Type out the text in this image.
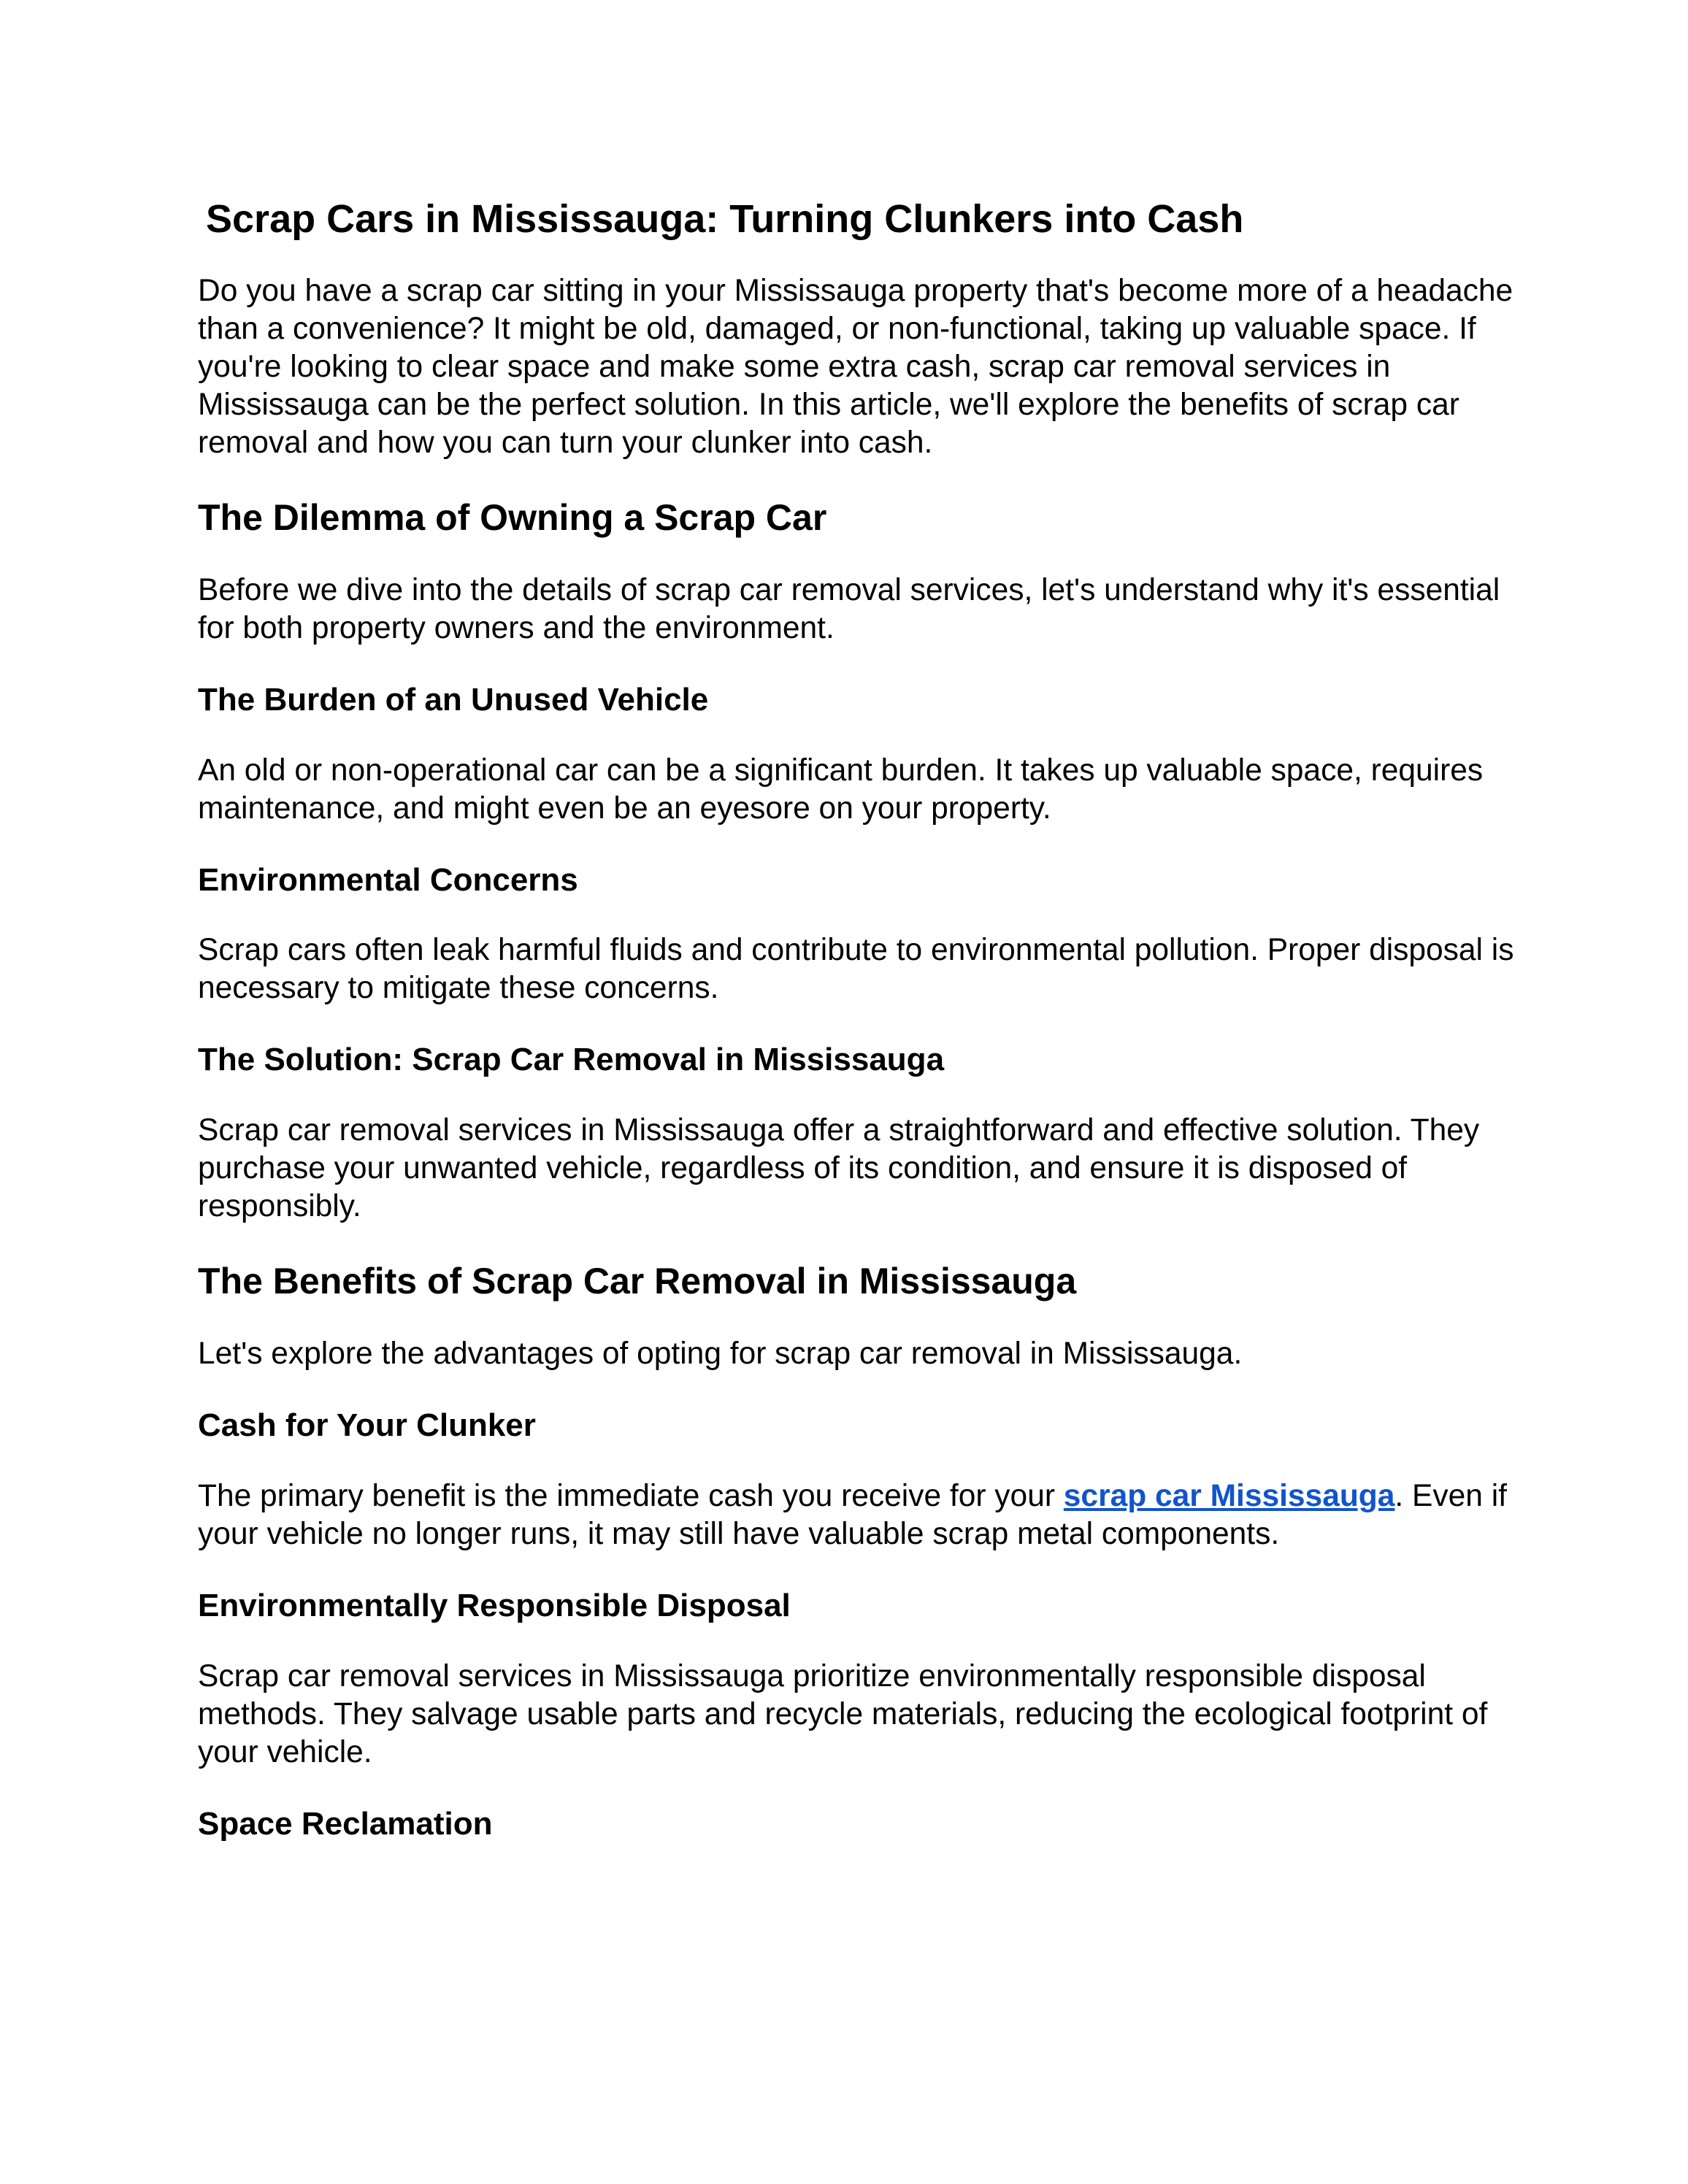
Scrap Cars in Mississauga: Turning Clunkers into Cash

Do you have a scrap car sitting in your Mississauga property that's become more of a headache than a convenience? It might be old, damaged, or non-functional, taking up valuable space. If you're looking to clear space and make some extra cash, scrap car removal services in Mississauga can be the perfect solution. In this article, we'll explore the benefits of scrap car removal and how you can turn your clunker into cash.

The Dilemma of Owning a Scrap Car

Before we dive into the details of scrap car removal services, let's understand why it's essential for both property owners and the environment.

The Burden of an Unused Vehicle

An old or non-operational car can be a significant burden. It takes up valuable space, requires maintenance, and might even be an eyesore on your property.

Environmental Concerns

Scrap cars often leak harmful fluids and contribute to environmental pollution. Proper disposal is necessary to mitigate these concerns.

The Solution: Scrap Car Removal in Mississauga

Scrap car removal services in Mississauga offer a straightforward and effective solution. They purchase your unwanted vehicle, regardless of its condition, and ensure it is disposed of responsibly.

The Benefits of Scrap Car Removal in Mississauga

Let's explore the advantages of opting for scrap car removal in Mississauga.

Cash for Your Clunker

The primary benefit is the immediate cash you receive for your scrap car Mississauga. Even if your vehicle no longer runs, it may still have valuable scrap metal components.

Environmentally Responsible Disposal

Scrap car removal services in Mississauga prioritize environmentally responsible disposal methods. They salvage usable parts and recycle materials, reducing the ecological footprint of your vehicle.

Space Reclamation
